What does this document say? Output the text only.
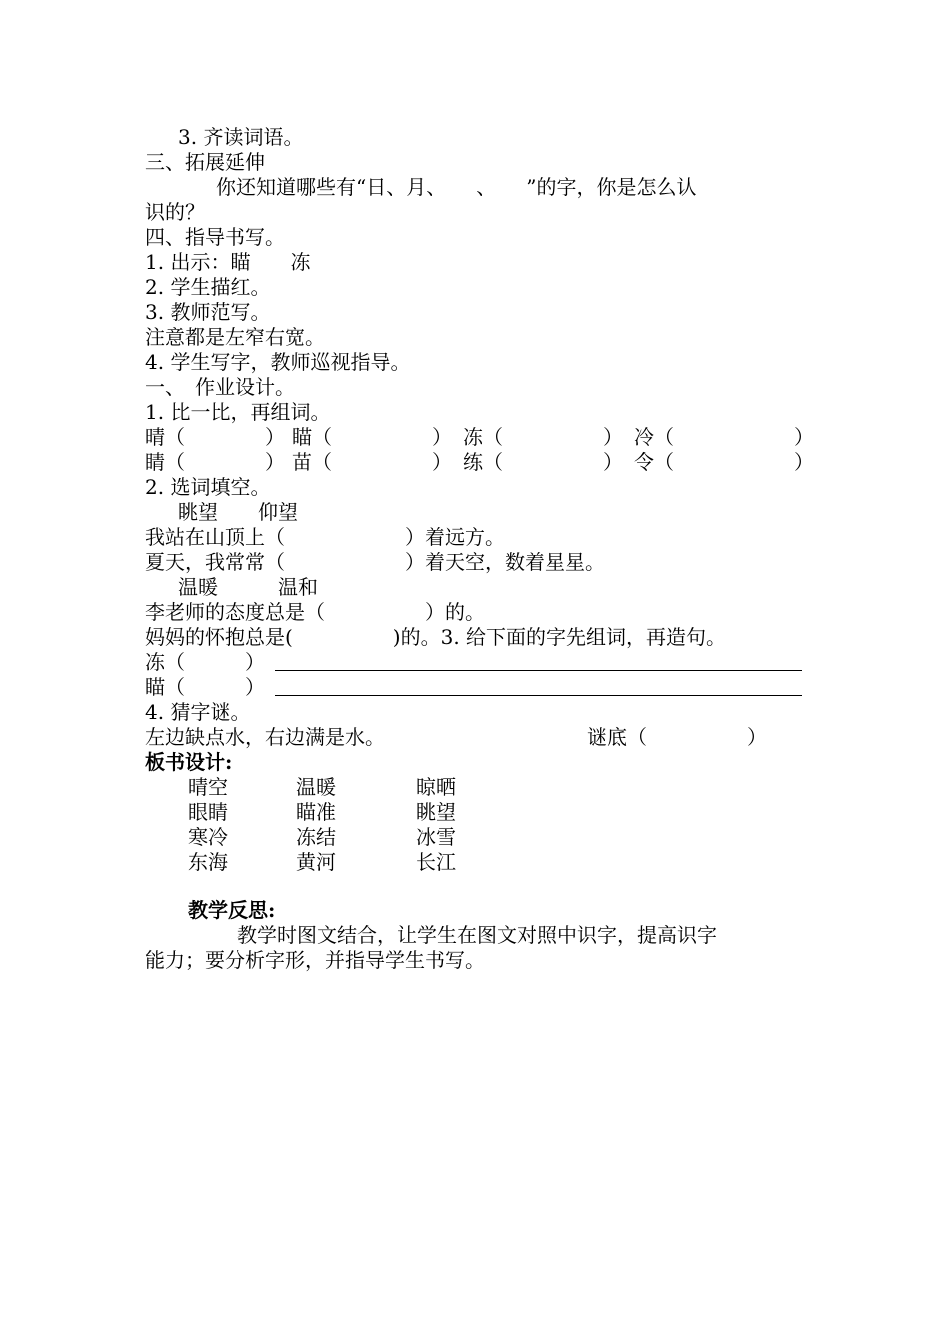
3. 齐读词语。
三、拓展延伸
你还知道哪些有“日、月、　　、　　”的字，你是怎么认
识的？
四、指导书写。
1. 出示：瞄　　冻
2. 学生描红。
3. 教师范写。
注意都是左窄右宽。
4. 学生写字，教师巡视指导。
一、　作业设计。
1. 比一比，再组词。
晴（　　　　） 瞄（　　　　　） 冻（　　　　　） 冷（　　　　　　）
睛（　　　　） 苗（　　　　　） 练（　　　　　） 令（　　　　　　）
2. 选词填空。
眺望　　仰望
我站在山顶上（　　　　　　）着远方。
夏天，我常常（　　　　　　）着天空，数着星星。
温暖　　　温和
李老师的态度总是（　　　　　）的。
妈妈的怀抱总是(　　　　　)的。3. 给下面的字先组词，再造句。
冻（　　　）
瞄（　　　）
4. 猜字谜。
左边缺点水，右边满是水。	谜底（　　　　　）
板书设计:
晴空	温暖	晾晒
眼睛	瞄准	眺望
寒冷	冻结	冰雪
东海	黄河	长江
教学反思:
教学时图文结合，让学生在图文对照中识字，提高识字
能力；要分析字形，并指导学生书写。
